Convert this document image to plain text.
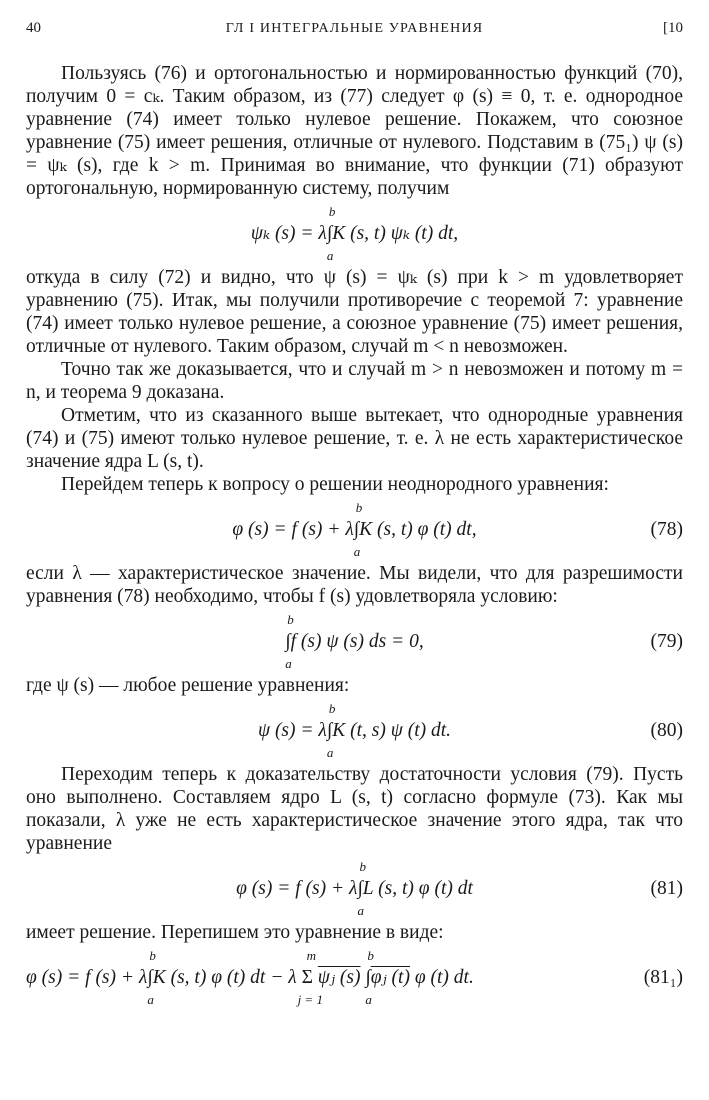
40	ГЛ I ИНТЕГРАЛЬНЫЕ УРАВНЕНИЯ	[10

Пользуясь (76) и ортогональностью и нормированностью функций (70), получим 0 = cₖ. Таким образом, из (77) следует φ (s) ≡ 0, т. е. однородное уравнение (74) имеет только нулевое решение. Покажем, что союзное уравнение (75) имеет решения, отличные от нулевого. Подставим в (75₁) ψ (s) = ψₖ (s), где k > m. Принимая во внимание, что функции (71) образуют ортогональную, нормированную систему, получим

ψₖ (s) = λ
b
∫
a
K (s, t) ψₖ (t) dt,

откуда в силу (72) и видно, что ψ (s) = ψₖ (s) при k > m удовлетворяет уравнению (75). Итак, мы получили противоречие с теоремой 7: уравнение (74) имеет только нулевое решение, а союзное уравнение (75) имеет решения, отличные от нулевого. Таким образом, случай m < n невозможен.

Точно так же доказывается, что и случай m > n невозможен и потому m = n, и теорема 9 доказана.

Отметим, что из сказанного выше вытекает, что однородные уравнения (74) и (75) имеют только нулевое решение, т. е. λ не есть характеристическое значение ядра L (s, t).

Перейдем теперь к вопросу о решении неоднородного уравнения:

φ (s) = f (s) + λ
b
∫
a
K (s, t) φ (t) dt,	(78)

если λ — характеристическое значение. Мы видели, что для разрешимости уравнения (78) необходимо, чтобы f (s) удовлетворяла условию:

b
∫
a
f (s) ψ (s) ds = 0,	(79)

где ψ (s) — любое решение уравнения:

ψ (s) = λ
b
∫
a
K (t, s) ψ (t) dt.	(80)

Переходим теперь к доказательству достаточности условия (79). Пусть оно выполнено. Составляем ядро L (s, t) согласно формуле (73). Как мы показали, λ уже не есть характеристическое значение этого ядра, так что уравнение

φ (s) = f (s) + λ
b
∫
a
L (s, t) φ (t) dt	(81)

имеет решение. Перепишем это уравнение в виде:

φ (s) = f (s) + λ
b
∫
a
K (s, t) φ (t) dt − λ
m
Σ
j = 1
ψⱼ (s)
b
∫
a
φⱼ (t) φ (t) dt.	(81₁)
